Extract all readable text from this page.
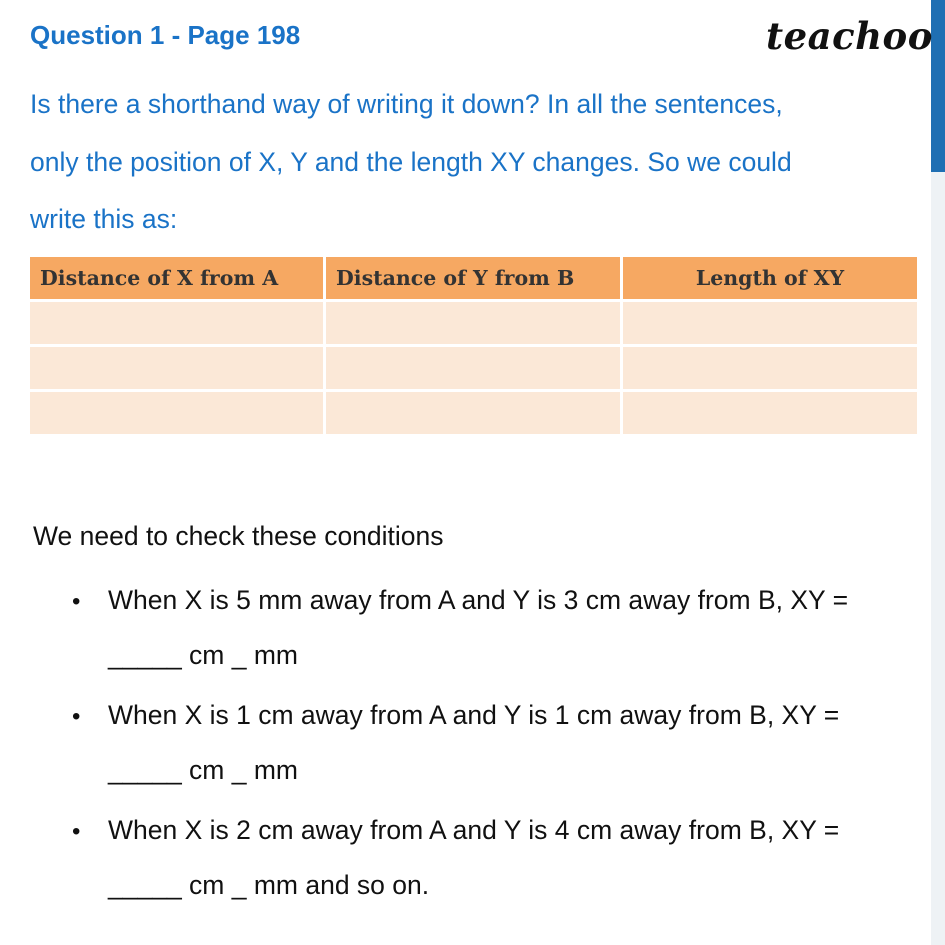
Question 1 - Page 198	teachoo
Is there a shorthand way of writing it down? In all the sentences,
only the position of X, Y and the length XY changes. So we could
write this as:
Distance of X from A	Distance of Y from B	Length of XY

We need to check these conditions
• When X is 5 mm away from A and Y is 3 cm away from B, XY =
_____ cm _ mm
• When X is 1 cm away from A and Y is 1 cm away from B, XY =
_____ cm _ mm
• When X is 2 cm away from A and Y is 4 cm away from B, XY =
_____ cm _ mm and so on.
